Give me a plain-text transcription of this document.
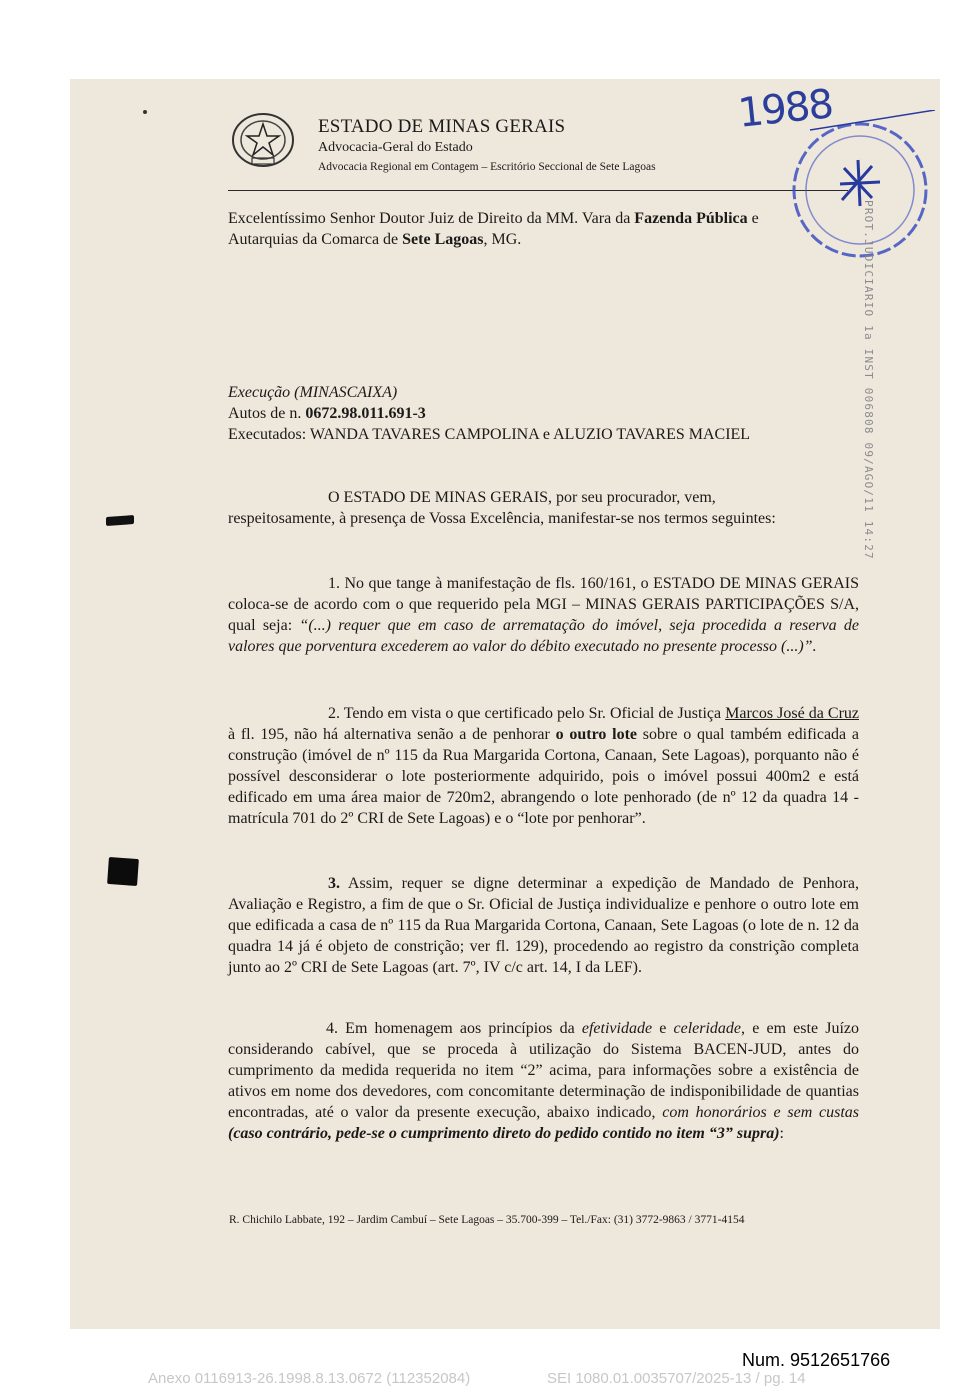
ESTADO DE MINAS GERAIS
Advocacia-Geral do Estado
Advocacia Regional em Contagem – Escritório Seccional de Sete Lagoas
1988
PROT.JUDICIARIO 1a INST 006808 09/AGO/11 14:27
Excelentíssimo Senhor Doutor Juiz de Direito da MM. Vara da Fazenda Pública e
Autarquias da Comarca de Sete Lagoas, MG.
Execução (MINASCAIXA)
Autos de n. 0672.98.011.691-3
Executados: WANDA TAVARES CAMPOLINA e ALUZIO TAVARES MACIEL
O ESTADO DE MINAS GERAIS, por seu procurador, vem,
respeitosamente, à presença de Vossa Excelência, manifestar-se nos termos seguintes:
1. No que tange à manifestação de fls. 160/161, o ESTADO DE MINAS GERAIS coloca-se de acordo com o que requerido pela MGI – MINAS GERAIS PARTICIPAÇÕES S/A, qual seja: “(...) requer que em caso de arrematação do imóvel, seja procedida a reserva de valores que porventura excederem ao valor do débito executado no presente processo (...)”.
2. Tendo em vista o que certificado pelo Sr. Oficial de Justiça Marcos José da Cruz à fl. 195, não há alternativa senão a de penhorar o outro lote sobre o qual também edificada a construção (imóvel de nº 115 da Rua Margarida Cortona, Canaan, Sete Lagoas), porquanto não é possível desconsiderar o lote posteriormente adquirido, pois o imóvel possui 400m2 e está edificado em uma área maior de 720m2, abrangendo o lote penhorado (de nº 12 da quadra 14 - matrícula 701 do 2º CRI de Sete Lagoas) e o “lote por penhorar”.
3. Assim, requer se digne determinar a expedição de Mandado de Penhora, Avaliação e Registro, a fim de que o Sr. Oficial de Justiça individualize e penhore o outro lote em que edificada a casa de nº 115 da Rua Margarida Cortona, Canaan, Sete Lagoas (o lote de n. 12 da quadra 14 já é objeto de constrição; ver fl. 129), procedendo ao registro da constrição completa junto ao 2º CRI de Sete Lagoas (art. 7º, IV c/c art. 14, I da LEF).
4. Em homenagem aos princípios da efetividade e celeridade, e em este Juízo considerando cabível, que se proceda à utilização do Sistema BACEN-JUD, antes do cumprimento da medida requerida no item “2” acima, para informações sobre a existência de ativos em nome dos devedores, com concomitante determinação de indisponibilidade de quantias encontradas, até o valor da presente execução, abaixo indicado, com honorários e sem custas (caso contrário, pede-se o cumprimento direto do pedido contido no item “3” supra):
R. Chichilo Labbate, 192 – Jardim Cambuí – Sete Lagoas – 35.700-399 – Tel./Fax: (31) 3772-9863 / 3771-4154
Num. 9512651766
Anexo 0116913-26.1998.8.13.0672 (112352084)	SEI 1080.01.0035707/2025-13 / pg. 14
